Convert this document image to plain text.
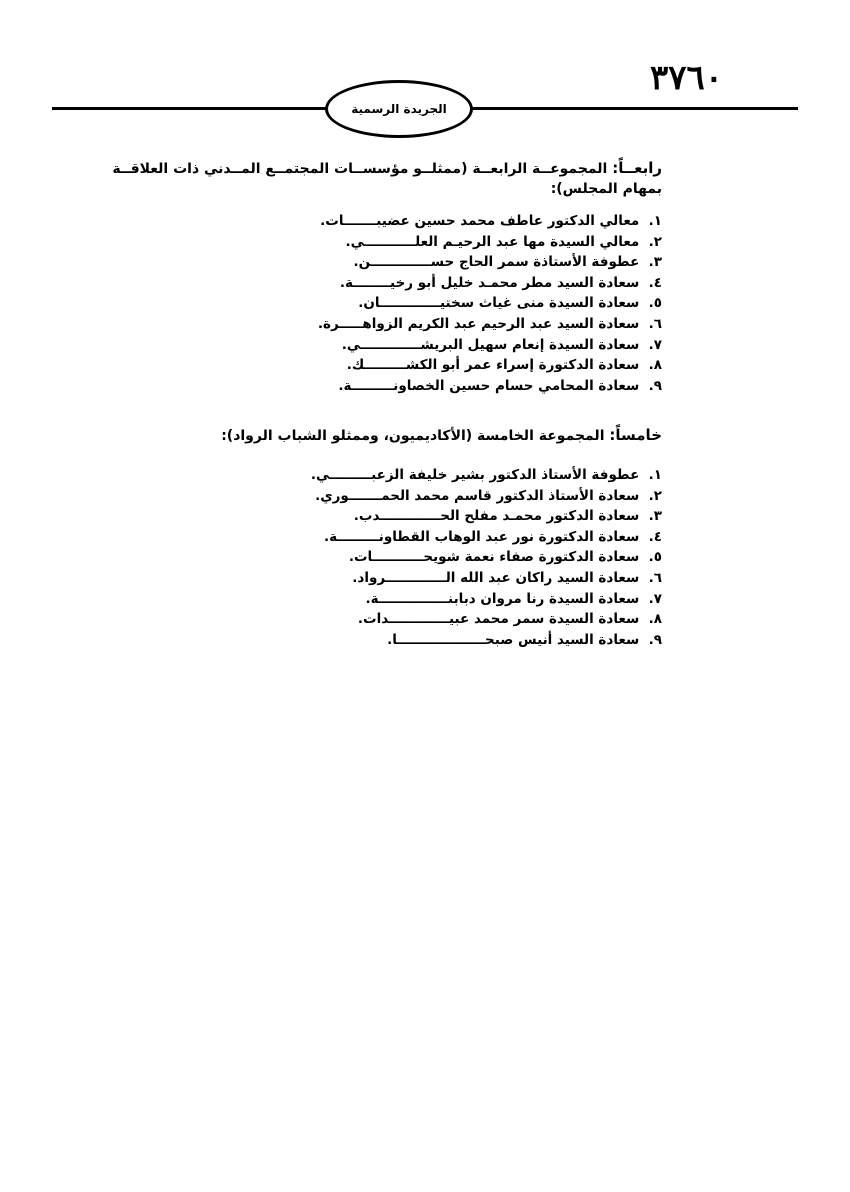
٣٧٦٠
الجريدة الرسمية
رابعــاً: المجموعــة الرابعــة (ممثلــو مؤسســات المجتمــع المــدني ذات العلاقــة بمهام المجلس):
١. معالي الدكتور عاطف محمد حسين عضيبـــــــات.
٢. معالي السيدة مها عبد الرحيـم العلـــــــــــي.
٣. عطوفة الأستاذة سمر الحاج حســـــــــــــن.
٤. سعادة السيد مطر محمـد خليل أبو رخيــــــــة.
٥. سعادة السيدة منى غياث سختيـــــــــــــان.
٦. سعادة السيد عبد الرحيم عبد الكريم الزواهـــــرة.
٧. سعادة السيدة إنعام سهيل البريشـــــــــــــي.
٨. سعادة الدكتورة إسراء عمر أبو الكشـــــــــك.
٩. سعادة المحامي حسام حسين الخصاونـــــــــة.
خامساً: المجموعة الخامسة (الأكاديميون، وممثلو الشباب الرواد):
١. عطوفة الأستاذ الدكتور بشير خليفة الزعبـــــــــي.
٢. سعادة الأستاذ الدكتور قاسم محمد الحمـــــــوري.
٣. سعادة الدكتور محمـد مفلح الحـــــــــــــدب.
٤. سعادة الدكتورة نور عبد الوهاب القطاونـــــــــة.
٥. سعادة الدكتورة صفاء نعمة شويحـــــــــــات.
٦. سعادة السيد راكان عبد الله الـــــــــــــرواد.
٧. سعادة السيدة رنا مروان دبابنـــــــــــــــة.
٨. سعادة السيدة سمر محمد عبيـــــــــــــدات.
٩. سعادة السيد أنيس صبحـــــــــــــــــــا.
